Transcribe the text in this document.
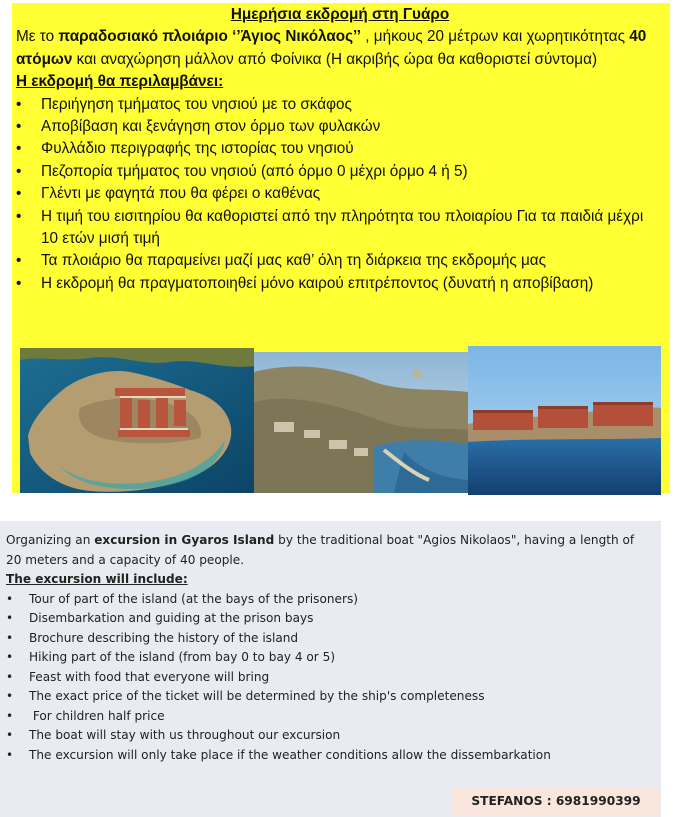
Ημερήσια εκδρομή στη Γυάρο

Με το παραδοσιακό πλοιάριο ‘’Άγιος Νικόλαος’’ , μήκους 20 μέτρων και χωρητικότητας 40 ατόμων και αναχώρηση μάλλον από Φοίνικα (Η ακριβής ώρα θα καθοριστεί σύντομα)

Η εκδρομή θα περιλαμβάνει:
• Περιήγηση τμήματος του νησιού με το σκάφος
• Αποβίβαση και ξενάγηση στον όρμο των φυλακών
• Φυλλάδιο περιγραφής της ιστορίας του νησιού
• Πεζοπορία τμήματος του νησιού (από όρμο 0 μέχρι όρμο 4 ή 5)
• Γλέντι με φαγητά που θα φέρει ο καθένας
• Η τιμή του εισιτηρίου θα καθοριστεί από την πληρότητα του πλοιαρίου Για τα παιδιά μέχρι 10 ετών μισή τιμή
• Τα πλοιάριο θα παραμείνει μαζί μας καθ’ όλη τη διάρκεια της εκδρομής μας
• Η εκδρομή θα πραγματοποιηθεί μόνο καιρού επιτρέποντος (δυνατή η αποβίβαση)

Organizing an excursion in Gyaros Island by the traditional boat "Agios Nikolaos", having a length of 20 meters and a capacity of 40 people.

The excursion will include:
• Tour of part of the island (at the bays of the prisoners)
• Disembarkation and guiding at the prison bays
• Brochure describing the history of the island
• Hiking part of the island (from bay 0 to bay 4 or 5)
• Feast with food that everyone will bring
• The exact price of the ticket will be determined by the ship's completeness
•  For children half price
• The boat will stay with us throughout our excursion
• The excursion will only take place if the weather conditions allow the dissembarkation
STEFANOS : 6981990399
